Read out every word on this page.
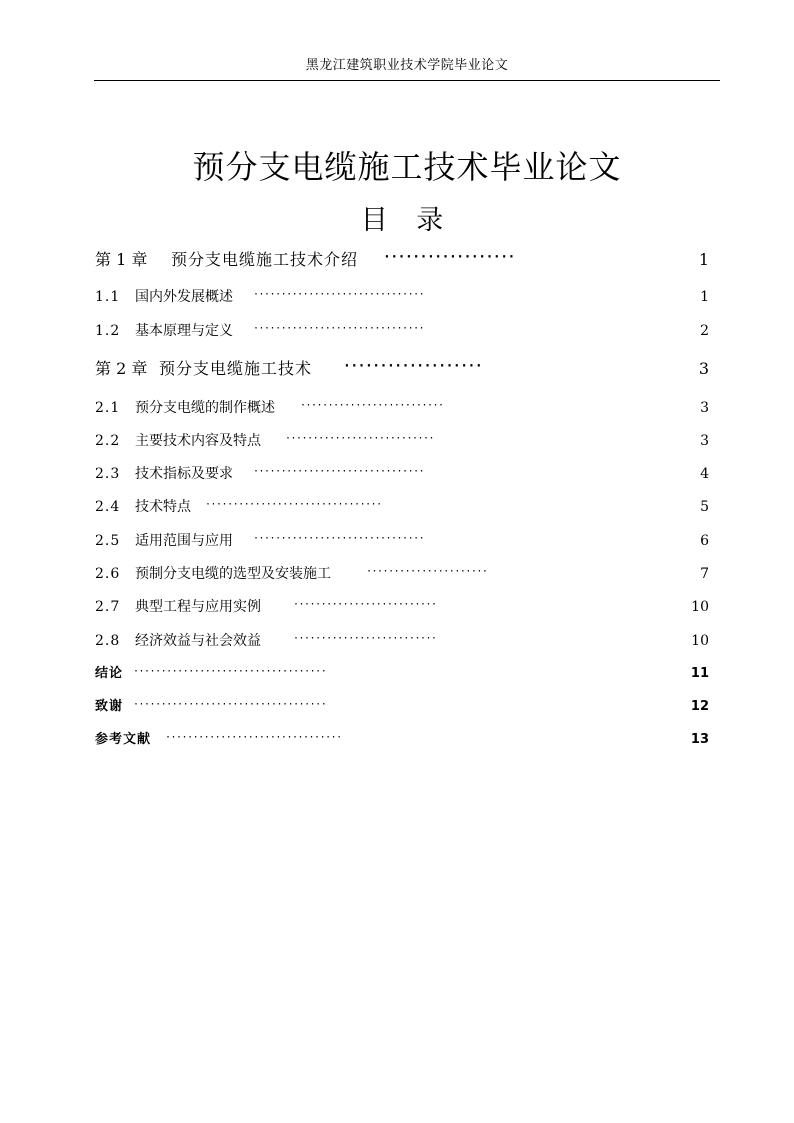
黑龙江建筑职业技术学院毕业论文
预分支电缆施工技术毕业论文
目 录
第 1 章 预分支电缆施工技术介绍 ··················	1
1.1 国内外发展概述 ·······························	1
1.2 基本原理与定义 ·······························	2
第 2 章 预分支电缆施工技术 ···················	3
2.1 预分支电缆的制作概述	··························	3
2.2 主要技术内容及特点 ···························	3
2.3 技术指标及要求 ·······························	4
2.4 技术特点 ································	5
2.5 适用范围与应用 ·······························	6
2.6 预制分支电缆的选型及安装施工	······················	7
2.7 典型工程与应用实例	··························	10
2.8 经济效益与社会效益	··························	10
结论 ···································	11
致谢 ···································	12
参考文献 ································	13
